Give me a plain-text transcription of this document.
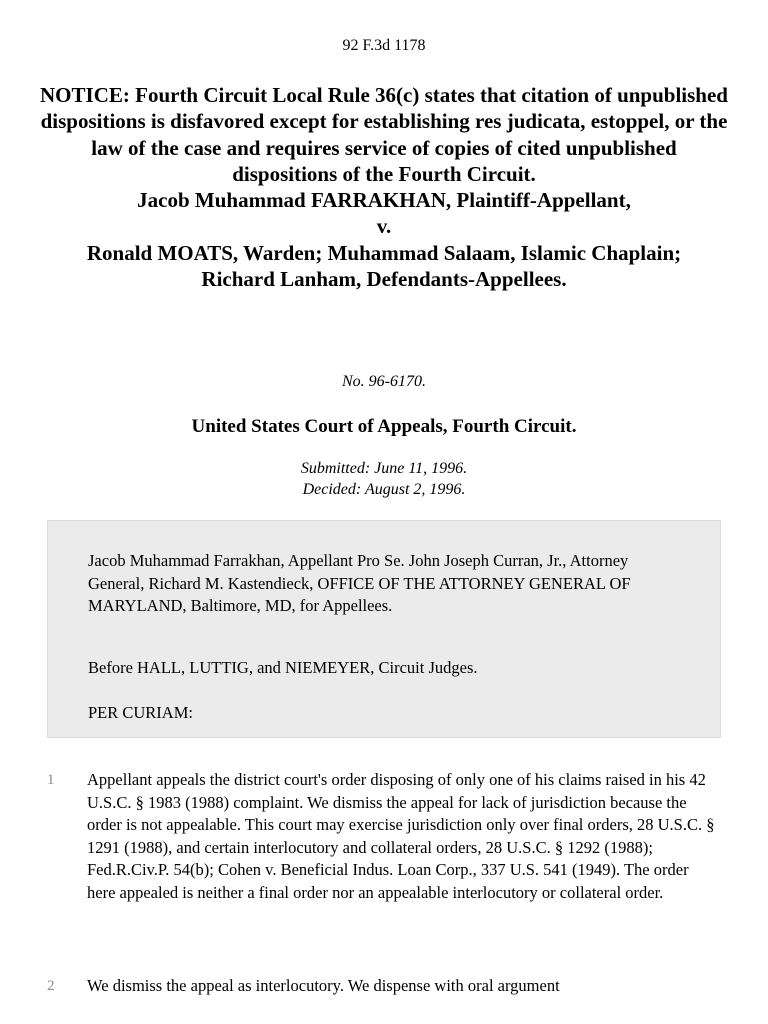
92 F.3d 1178
NOTICE: Fourth Circuit Local Rule 36(c) states that citation of unpublished dispositions is disfavored except for establishing res judicata, estoppel, or the law of the case and requires service of copies of cited unpublished dispositions of the Fourth Circuit.
Jacob Muhammad FARRAKHAN, Plaintiff-Appellant,
v.
Ronald MOATS, Warden; Muhammad Salaam, Islamic Chaplain;
Richard Lanham, Defendants-Appellees.
No. 96-6170.
United States Court of Appeals, Fourth Circuit.
Submitted: June 11, 1996.
Decided: August 2, 1996.

Jacob Muhammad Farrakhan, Appellant Pro Se. John Joseph Curran, Jr., Attorney General, Richard M. Kastendieck, OFFICE OF THE ATTORNEY GENERAL OF MARYLAND, Baltimore, MD, for Appellees.

Before HALL, LUTTIG, and NIEMEYER, Circuit Judges.

PER CURIAM:

1 Appellant appeals the district court's order disposing of only one of his claims raised in his 42 U.S.C. § 1983 (1988) complaint. We dismiss the appeal for lack of jurisdiction because the order is not appealable. This court may exercise jurisdiction only over final orders, 28 U.S.C. § 1291 (1988), and certain interlocutory and collateral orders, 28 U.S.C. § 1292 (1988); Fed.R.Civ.P. 54(b); Cohen v. Beneficial Indus. Loan Corp., 337 U.S. 541 (1949). The order here appealed is neither a final order nor an appealable interlocutory or collateral order.

2 We dismiss the appeal as interlocutory. We dispense with oral argument
